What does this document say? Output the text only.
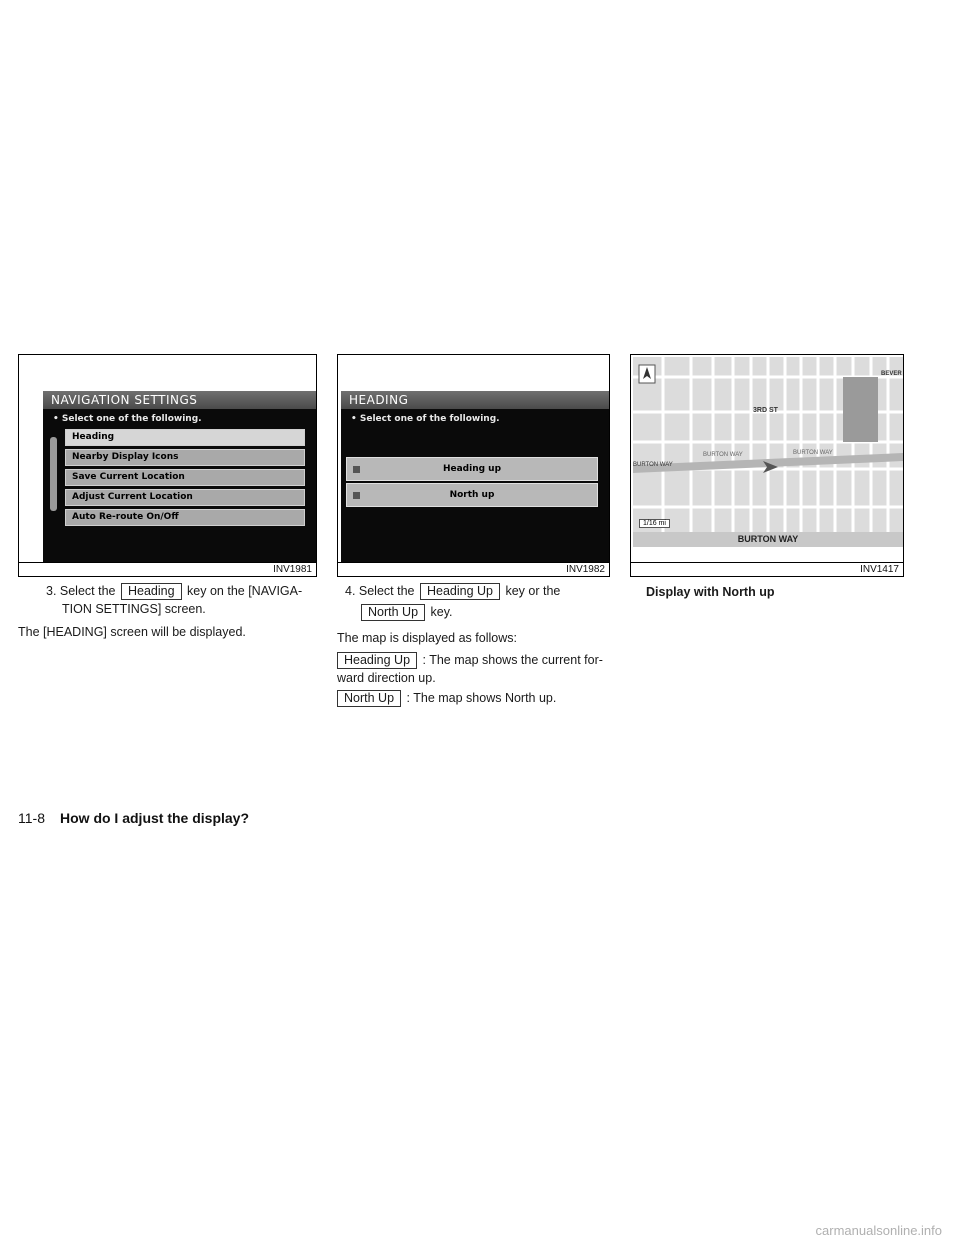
NAVIGATION SETTINGS
• Select one of the following.
Heading
Nearby Display Icons
Save Current Location
Adjust Current Location
Auto Re-route On/Off
INV1981
HEADING
• Select one of the following.
Heading up
North up
INV1982
3RD ST
BURTON WAY	BURTON WAY
BURTON WAY
BEVER
1/16 mi
BURTON WAY
INV1417
3. Select the Heading key on the [NAVIGA-
TION SETTINGS] screen.
The [HEADING] screen will be displayed.
4. Select the Heading Up key or the
North Up key.
The map is displayed as follows:
Heading Up : The map shows the current for-
ward direction up.
North Up : The map shows North up.
Display with North up
11-8 How do I adjust the display?
carmanualsonline.info
